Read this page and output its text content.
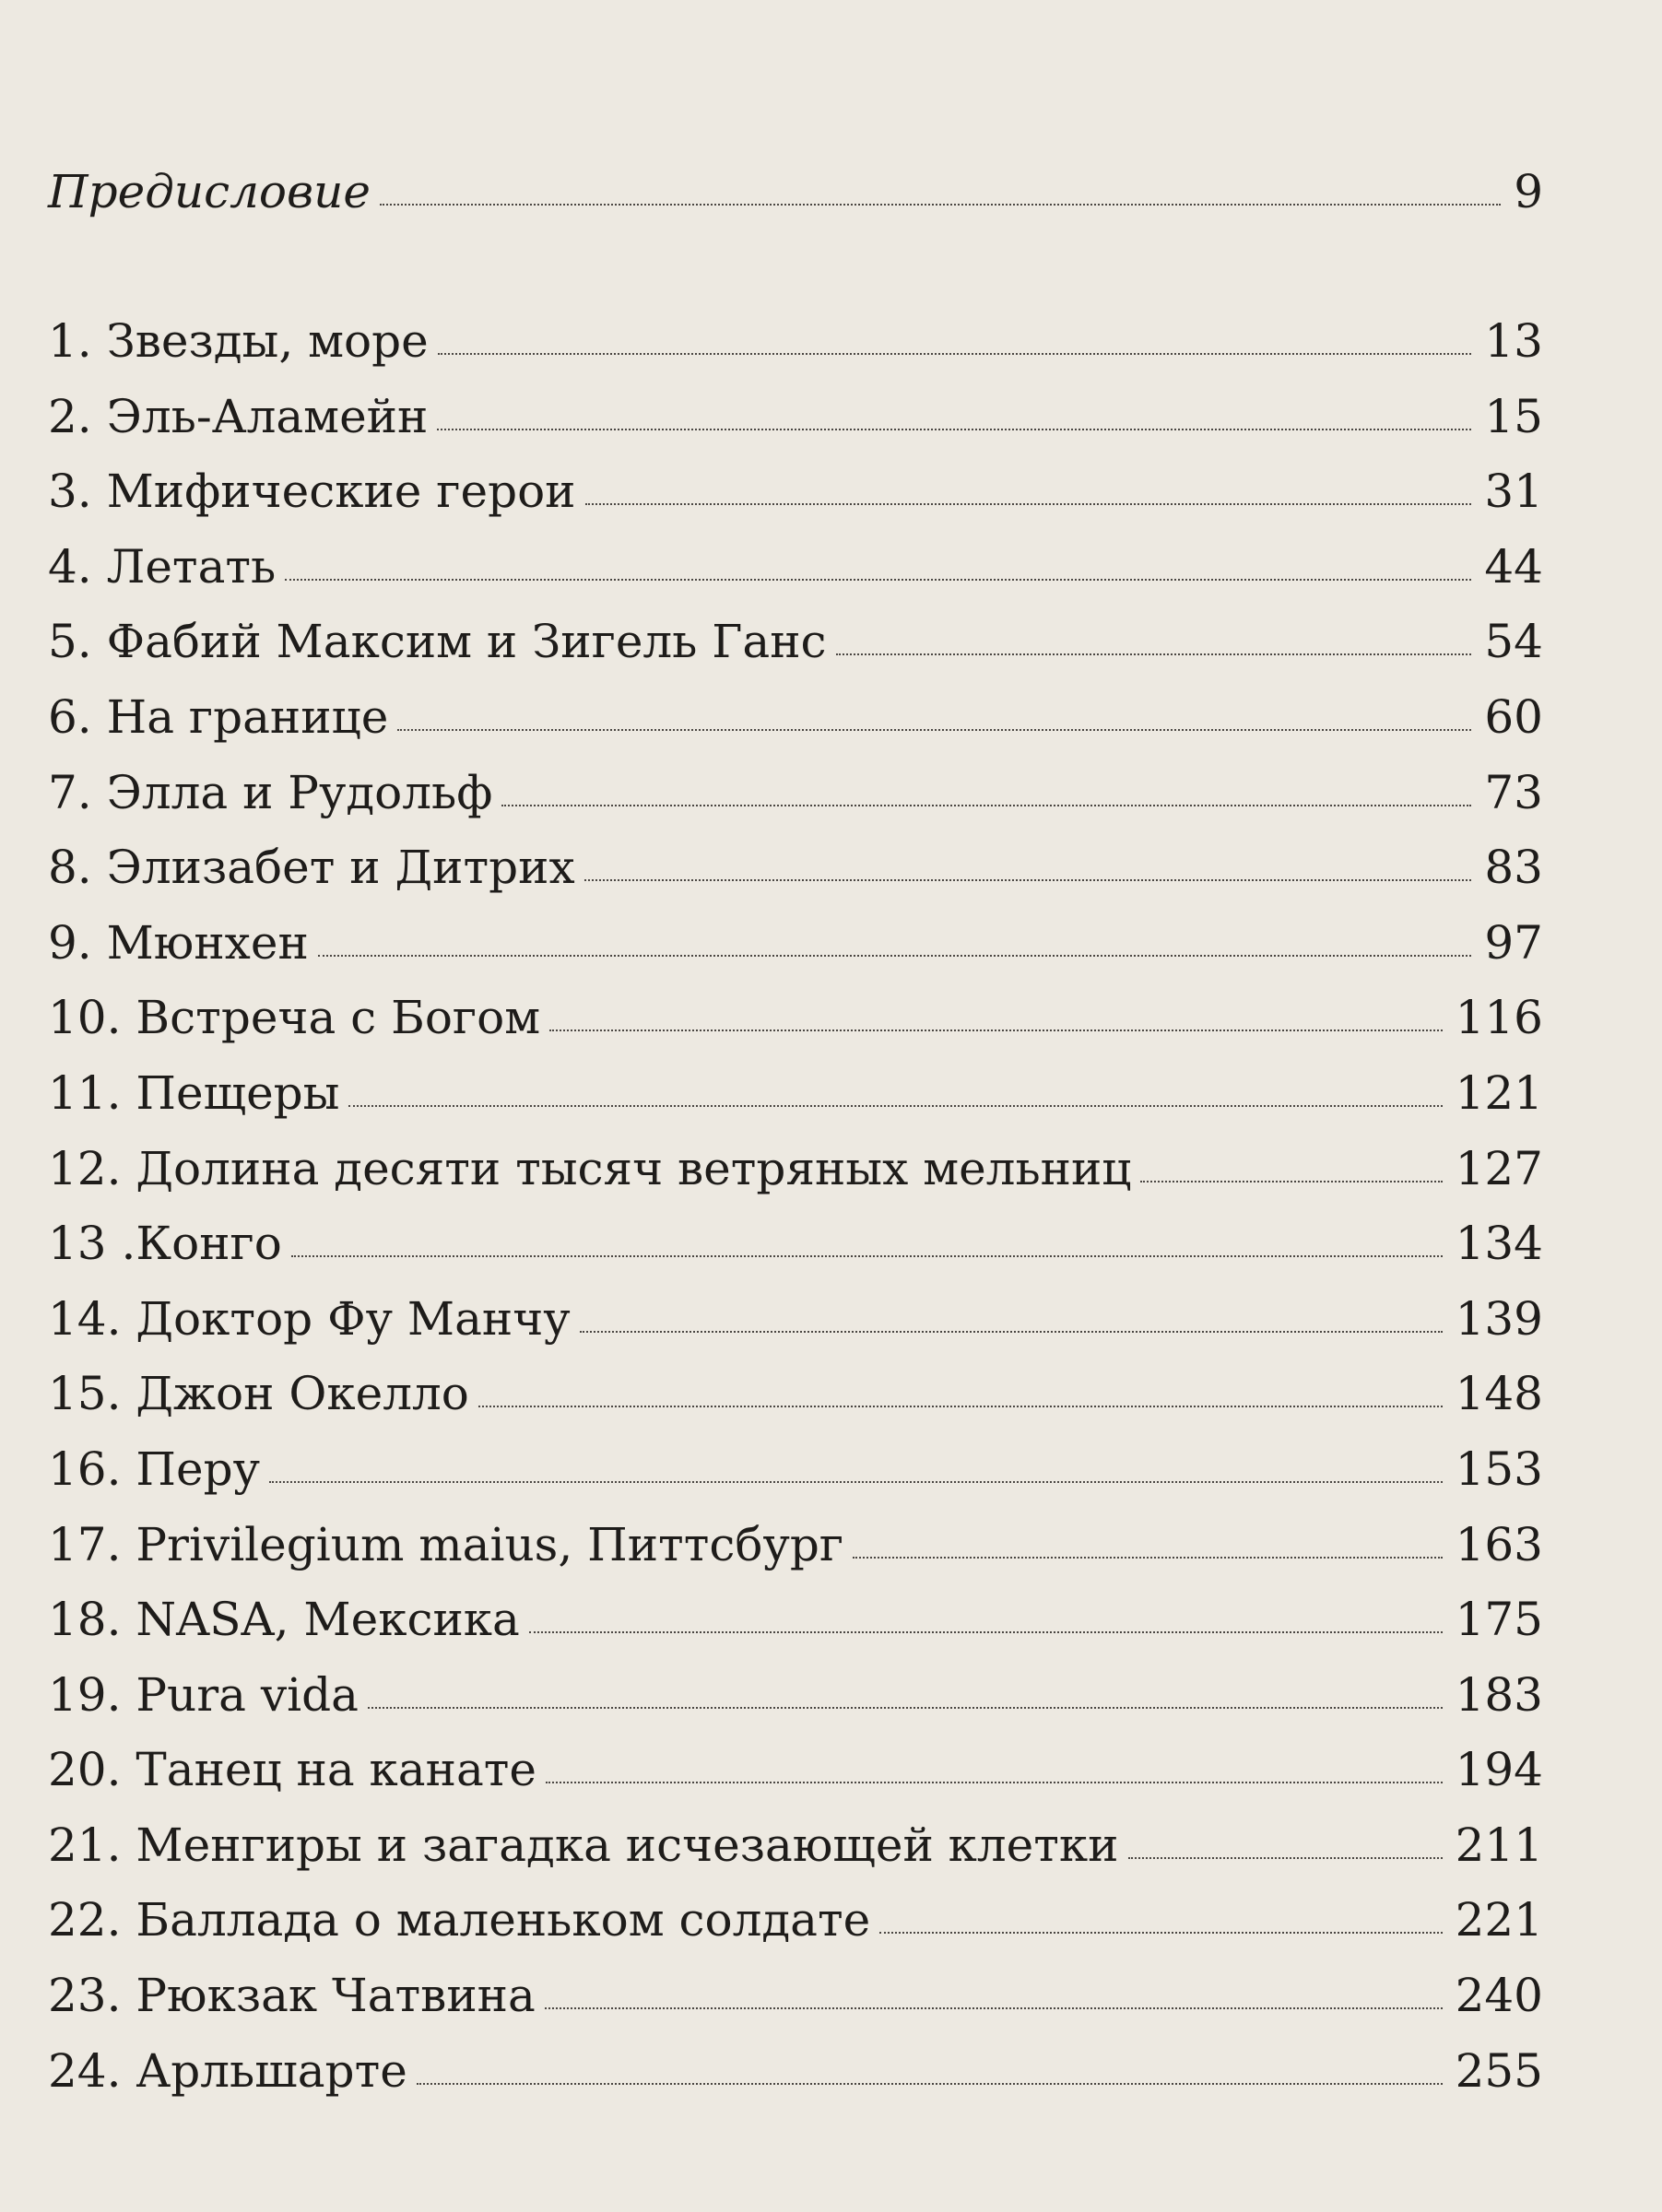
Предисловие	9
1. Звезды, море	13
2. Эль-Аламейн	15
3. Мифические герои	31
4. Летать	44
5. Фабий Максим и Зигель Ганс	54
6. На границе	60
7. Элла и Рудольф	73
8. Элизабет и Дитрих	83
9. Мюнхен	97
10. Встреча с Богом	116
11. Пещеры	121
12. Долина десяти тысяч ветряных мельниц	127
13 .Конго	134
14. Доктор Фу Манчу	139
15. Джон Окелло	148
16. Перу	153
17. Privilegium maius, Питтсбург	163
18. NASA, Мексика	175
19. Pura vida	183
20. Танец на канате	194
21. Менгиры и загадка исчезающей клетки	211
22. Баллада о маленьком солдате	221
23. Рюкзак Чатвина	240
24. Арльшарте	255
